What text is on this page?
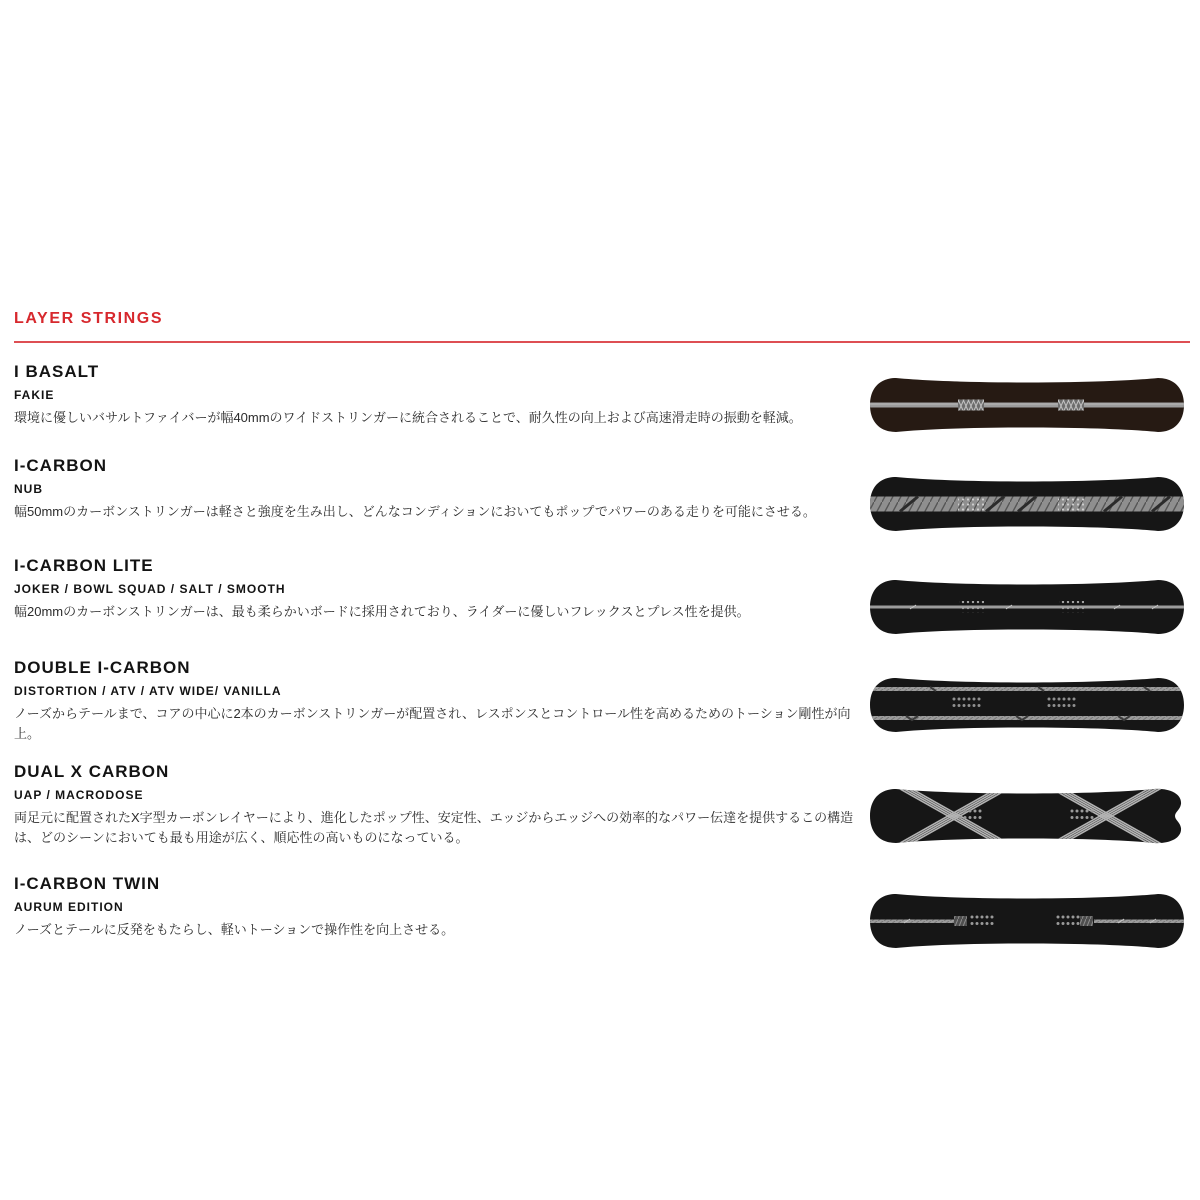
LAYER STRINGS
I BASALT
FAKIE

環境に優しいバサルトファイバーが幅40mmのワイドストリンガーに統合されることで、耐久性の向上および高速滑走時の振動を軽減。

I-CARBON
NUB

幅50mmのカーボンストリンガーは軽さと強度を生み出し、どんなコンディションにおいてもポップでパワーのある走りを可能にさせる。

I-CARBON LITE
JOKER / BOWL SQUAD / SALT / SMOOTH

幅20mmのカーボンストリンガーは、最も柔らかいボードに採用されており、ライダーに優しいフレックスとプレス性を提供。

DOUBLE I-CARBON
DISTORTION / ATV / ATV WIDE/ VANILLA

ノーズからテールまで、コアの中心に2本のカーボンストリンガーが配置され、レスポンスとコントロール性を高めるためのトーション剛性が向上。

DUAL X CARBON
UAP / MACRODOSE

両足元に配置されたX字型カーボンレイヤーにより、進化したポップ性、安定性、エッジからエッジへの効率的なパワー伝達を提供するこの構造は、どのシーンにおいても最も用途が広く、順応性の高いものになっている。

I-CARBON TWIN
AURUM EDITION

ノーズとテールに反発をもたらし、軽いトーションで操作性を向上させる。
